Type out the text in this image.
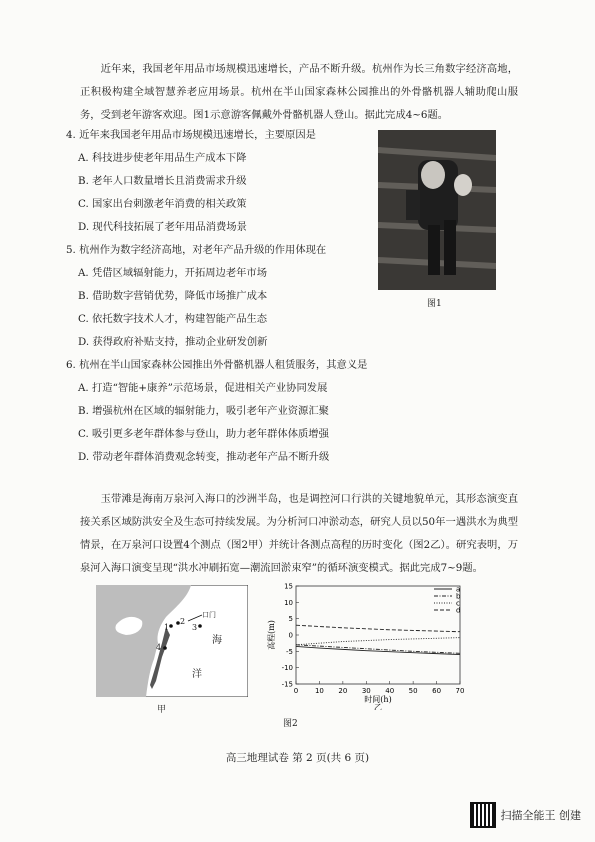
近年来，我国老年用品市场规模迅速增长，产品不断升级。杭州作为长三角数字经济高地，正积极构建全域智慧养老应用场景。杭州在半山国家森林公园推出的外骨骼机器人辅助爬山服务，受到老年游客欢迎。图1示意游客佩戴外骨骼机器人登山。据此完成4~6题。
图1
4. 近年来我国老年用品市场规模迅速增长，主要原因是
A. 科技进步使老年用品生产成本下降
B. 老年人口数量增长且消费需求升级
C. 国家出台刺激老年消费的相关政策
D. 现代科技拓展了老年用品消费场景
5. 杭州作为数字经济高地，对老年产品升级的作用体现在
A. 凭借区域辐射能力，开拓周边老年市场
B. 借助数字营销优势，降低市场推广成本
C. 依托数字技术人才，构建智能产品生态
D. 获得政府补贴支持，推动企业研发创新
6. 杭州在半山国家森林公园推出外骨骼机器人租赁服务，其意义是
A. 打造“智能+康养”示范场景，促进相关产业协同发展
B. 增强杭州在区域的辐射能力，吸引老年产业资源汇聚
C. 吸引更多老年群体参与登山，助力老年群体体质增强
D. 带动老年群体消费观念转变，推动老年产品不断升级
玉带滩是海南万泉河入海口的沙洲半岛，也是调控河口行洪的关键地貌单元，其形态演变直接关系区域防洪安全及生态可持续发展。为分析河口冲淤动态，研究人员以50年一遇洪水为典型情景，在万泉河口设置4个测点（图2甲）并统计各测点高程的历时变化（图2乙）。研究表明，万泉河入海口演变呈现“洪水冲刷拓宽—潮流回淤束窄”的循环演变模式。据此完成7~9题。
1
2
3
4
口门
海
洋
甲
0 10 20 30 40 50 60 70
15
10
5
0
-5
-10
-15
时间(h)
乙
高程(m)
a
b
c
d
图2
高三地理试卷 第 2 页(共 6 页)
扫描全能王 创建
